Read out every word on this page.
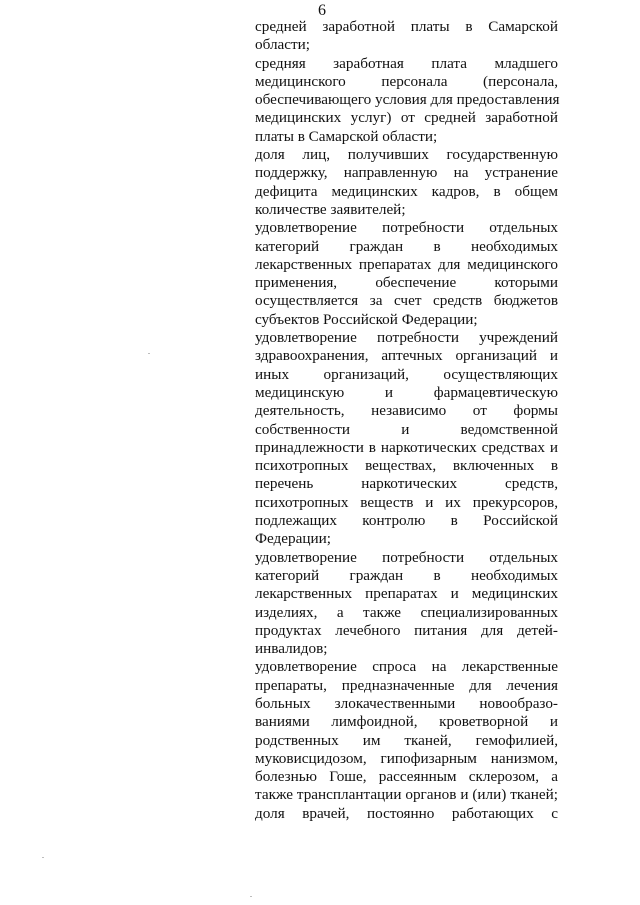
6
средней заработной платы в Самарской
области;
средняя заработная плата младшего
медицинского персонала (персонала,
обеспечивающего условия для предоставления
медицинских услуг) от средней заработной
платы в Самарской области;
доля лиц, получивших государственную
поддержку, направленную на устранение
дефицита медицинских кадров, в общем
количестве заявителей;
удовлетворение потребности отдельных
категорий граждан в необходимых
лекарственных препаратах для медицинского
применения, обеспечение которыми
осуществляется за счет средств бюджетов
субъектов Российской Федерации;
удовлетворение потребности учреждений
здравоохранения, аптечных организаций и
иных организаций, осуществляющих
медицинскую и фармацевтическую
деятельность, независимо от формы
собственности и ведомственной
принадлежности в наркотических средствах и
психотропных веществах, включенных в
перечень наркотических средств,
психотропных веществ и их прекурсоров,
подлежащих контролю в Российской
Федерации;
удовлетворение потребности отдельных
категорий граждан в необходимых
лекарственных препаратах и медицинских
изделиях, а также специализированных
продуктах лечебного питания для детей-
инвалидов;
удовлетворение спроса на лекарственные
препараты, предназначенные для лечения
больных злокачественными новообразо-
ваниями лимфоидной, кроветворной и
родственных им тканей, гемофилией,
муковисцидозом, гипофизарным нанизмом,
болезнью Гоше, рассеянным склерозом, а
также трансплантации органов и (или) тканей;
доля врачей, постоянно работающих с
